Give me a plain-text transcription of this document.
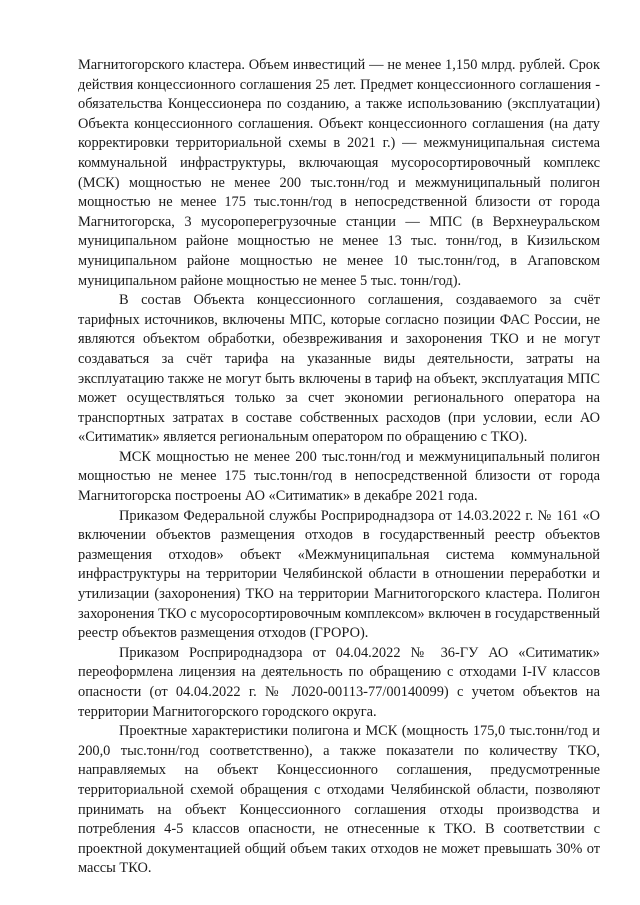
Магнитогорского кластера. Объем инвестиций — не менее 1,150 млрд. рублей. Срок действия концессионного соглашения 25 лет. Предмет концессионного соглашения - обязательства Концессионера по созданию, а также использованию (эксплуатации) Объекта концессионного соглашения. Объект концессионного соглашения (на дату корректировки территориальной схемы в 2021 г.) — межмуниципальная система коммунальной инфраструктуры, включающая мусоросортировочный комплекс (МСК) мощностью не менее 200 тыс.тонн/год и межмуниципальный полигон мощностью не менее 175 тыс.тонн/год в непосредственной близости от города Магнитогорска, 3 мусороперегрузочные станции — МПС (в Верхнеуральском муниципальном районе мощностью не менее 13 тыс. тонн/год, в Кизильском муниципальном районе мощностью не менее 10 тыс.тонн/год, в Агаповском муниципальном районе мощностью не менее 5 тыс. тонн/год).

В состав Объекта концессионного соглашения, создаваемого за счёт тарифных источников, включены МПС, которые согласно позиции ФАС России, не являются объектом обработки, обезвреживания и захоронения ТКО и не могут создаваться за счёт тарифа на указанные виды деятельности, затраты на эксплуатацию также не могут быть включены в тариф на объект, эксплуатация МПС может осуществляться только за счет экономии регионального оператора на транспортных затратах в составе собственных расходов (при условии, если АО «Ситиматик» является региональным оператором по обращению с ТКО).

МСК мощностью не менее 200 тыс.тонн/год и межмуниципальный полигон мощностью не менее 175 тыс.тонн/год в непосредственной близости от города Магнитогорска построены АО «Ситиматик» в декабре 2021 года.

Приказом Федеральной службы Росприроднадзора от 14.03.2022 г. № 161 «О включении объектов размещения отходов в государственный реестр объектов размещения отходов» объект «Межмуниципальная система коммунальной инфраструктуры на территории Челябинской области в отношении переработки и утилизации (захоронения) ТКО на территории Магнитогорского кластера. Полигон захоронения ТКО с мусоросортировочным комплексом» включен в государственный реестр объектов размещения отходов (ГРОРО).

Приказом Росприроднадзора от 04.04.2022 № 36-ГУ АО «Ситиматик» переоформлена лицензия на деятельность по обращению с отходами I-IV классов опасности (от 04.04.2022 г. № Л020-00113-77/00140099) с учетом объектов на территории Магнитогорского городского округа.

Проектные характеристики полигона и МСК (мощность 175,0 тыс.тонн/год и 200,0 тыс.тонн/год соответственно), а также показатели по количеству ТКО, направляемых на объект Концессионного соглашения, предусмотренные территориальной схемой обращения с отходами Челябинской области, позволяют принимать на объект Концессионного соглашения отходы производства и потребления 4-5 классов опасности, не отнесенные к ТКО. В соответствии с проектной документацией общий объем таких отходов не может превышать 30% от массы ТКО.
